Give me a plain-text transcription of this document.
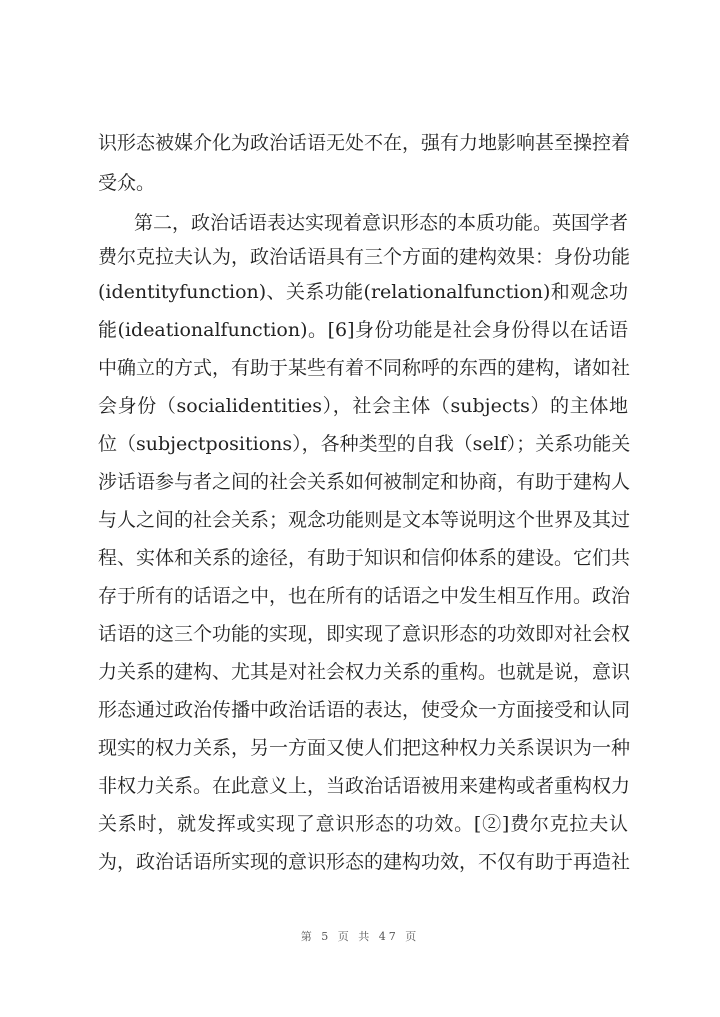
识形态被媒介化为政治话语无处不在，强有力地影响甚至操控着
受众。
第二，政治话语表达实现着意识形态的本质功能。英国学者
费尔克拉夫认为，政治话语具有三个方面的建构效果：身份功能
(identityfunction)、关系功能(relationalfunction)和观念功
能(ideationalfunction)。[6]身份功能是社会身份得以在话语
中确立的方式，有助于某些有着不同称呼的东西的建构，诸如社
会身份（socialidentities），社会主体（subjects）的主体地
位（subjectpositions），各种类型的自我（self）；关系功能关
涉话语参与者之间的社会关系如何被制定和协商，有助于建构人
与人之间的社会关系；观念功能则是文本等说明这个世界及其过
程、实体和关系的途径，有助于知识和信仰体系的建设。它们共
存于所有的话语之中，也在所有的话语之中发生相互作用。政治
话语的这三个功能的实现，即实现了意识形态的功效即对社会权
力关系的建构、尤其是对社会权力关系的重构。也就是说，意识
形态通过政治传播中政治话语的表达，使受众一方面接受和认同
现实的权力关系，另一方面又使人们把这种权力关系误识为一种
非权力关系。在此意义上，当政治话语被用来建构或者重构权力
关系时，就发挥或实现了意识形态的功效。[②]费尔克拉夫认
为，政治话语所实现的意识形态的建构功效，不仅有助于再造社
第 5 页 共 47 页
